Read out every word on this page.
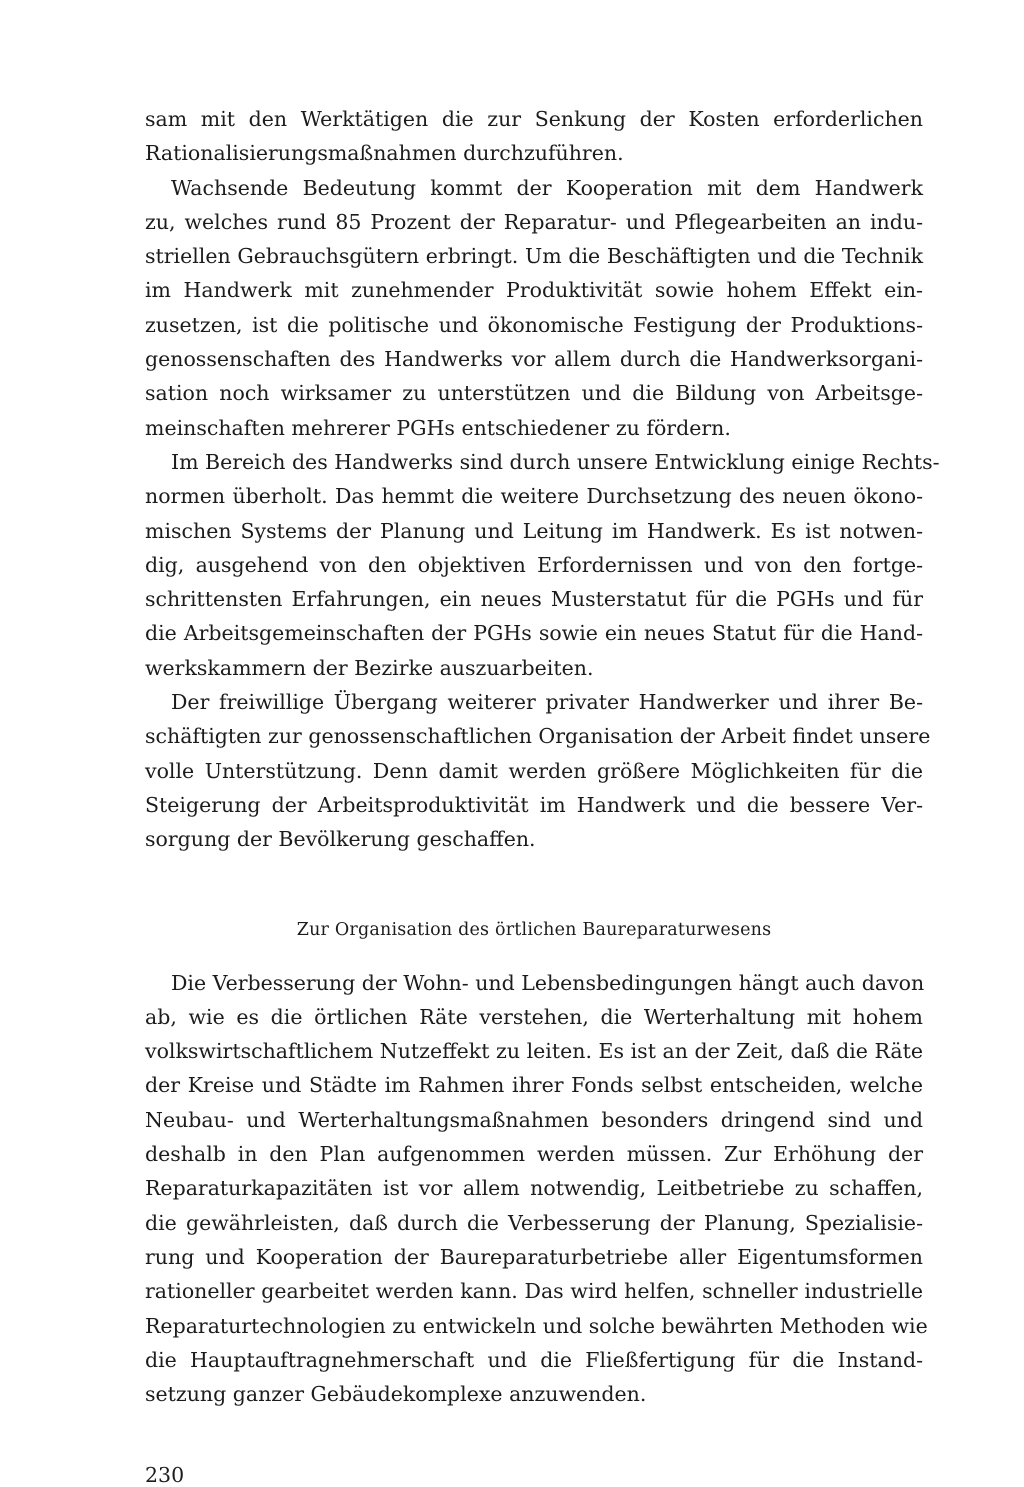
sam mit den Werktätigen die zur Senkung der Kosten erforderlichen
Rationalisierungsmaßnahmen durchzuführen.

Wachsende Bedeutung kommt der Kooperation mit dem Handwerk
zu, welches rund 85 Prozent der Reparatur- und Pflegearbeiten an indu-
striellen Gebrauchsgütern erbringt. Um die Beschäftigten und die Technik
im Handwerk mit zunehmender Produktivität sowie hohem Effekt ein-
zusetzen, ist die politische und ökonomische Festigung der Produktions-
genossenschaften des Handwerks vor allem durch die Handwerksorgani-
sation noch wirksamer zu unterstützen und die Bildung von Arbeitsge-
meinschaften mehrerer PGHs entschiedener zu fördern.

Im Bereich des Handwerks sind durch unsere Entwicklung einige Rechts-
normen überholt. Das hemmt die weitere Durchsetzung des neuen ökono-
mischen Systems der Planung und Leitung im Handwerk. Es ist notwen-
dig, ausgehend von den objektiven Erfordernissen und von den fortge-
schrittensten Erfahrungen, ein neues Musterstatut für die PGHs und für
die Arbeitsgemeinschaften der PGHs sowie ein neues Statut für die Hand-
werkskammern der Bezirke auszuarbeiten.

Der freiwillige Übergang weiterer privater Handwerker und ihrer Be-
schäftigten zur genossenschaftlichen Organisation der Arbeit findet unsere
volle Unterstützung. Denn damit werden größere Möglichkeiten für die
Steigerung der Arbeitsproduktivität im Handwerk und die bessere Ver-
sorgung der Bevölkerung geschaffen.

Zur Organisation des örtlichen Baureparaturwesens

Die Verbesserung der Wohn- und Lebensbedingungen hängt auch davon
ab, wie es die örtlichen Räte verstehen, die Werterhaltung mit hohem
volkswirtschaftlichem Nutzeffekt zu leiten. Es ist an der Zeit, daß die Räte
der Kreise und Städte im Rahmen ihrer Fonds selbst entscheiden, welche
Neubau- und Werterhaltungsmaßnahmen besonders dringend sind und
deshalb in den Plan aufgenommen werden müssen. Zur Erhöhung der
Reparaturkapazitäten ist vor allem notwendig, Leitbetriebe zu schaffen,
die gewährleisten, daß durch die Verbesserung der Planung, Spezialisie-
rung und Kooperation der Baureparaturbetriebe aller Eigentumsformen
rationeller gearbeitet werden kann. Das wird helfen, schneller industrielle
Reparaturtechnologien zu entwickeln und solche bewährten Methoden wie
die Hauptauftragnehmerschaft und die Fließfertigung für die Instand-
setzung ganzer Gebäudekomplexe anzuwenden.

230
